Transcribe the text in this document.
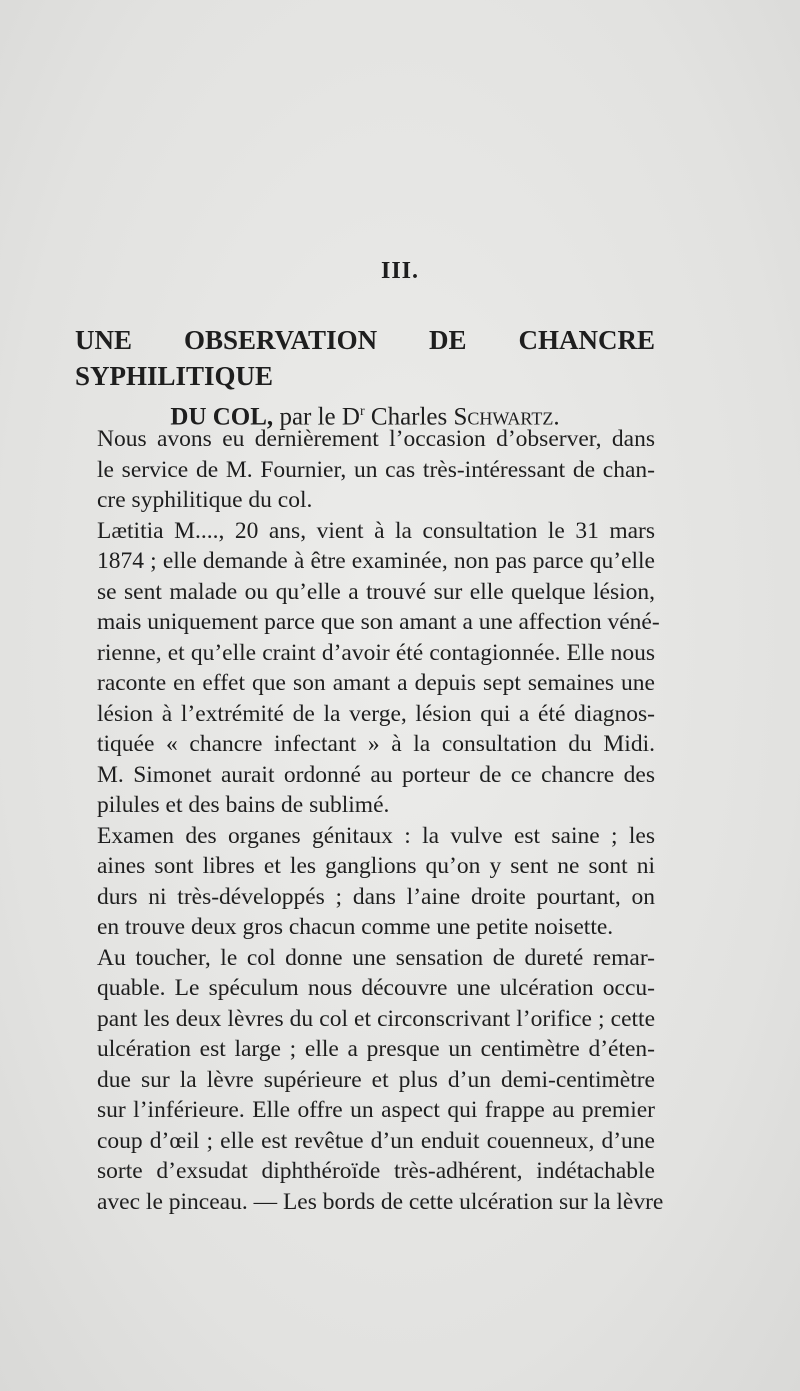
III.
UNE OBSERVATION DE CHANCRE SYPHILITIQUE
DU COL, par le $D^r$ Charles Schwartz.

Nous avons eu dernièrement l’occasion d’observer, dans
le service de M. Fournier, un cas très-intéressant de chan-
cre syphilitique du col.

Lætitia M...., 20 ans, vient à la consultation le 31 mars
1874 ; elle demande à être examinée, non pas parce qu’elle
se sent malade ou qu’elle a trouvé sur elle quelque lésion,
mais uniquement parce que son amant a une affection véné-
rienne, et qu’elle craint d’avoir été contagionnée. Elle nous
raconte en effet que son amant a depuis sept semaines une
lésion à l’extrémité de la verge, lésion qui a été diagnos-
tiquée « chancre infectant » à la consultation du Midi.
M. Simonet aurait ordonné au porteur de ce chancre des
pilules et des bains de sublimé.

Examen des organes génitaux : la vulve est saine ; les
aines sont libres et les ganglions qu’on y sent ne sont ni
durs ni très-développés ; dans l’aine droite pourtant, on
en trouve deux gros chacun comme une petite noisette.

Au toucher, le col donne une sensation de dureté remar-
quable. Le spéculum nous découvre une ulcération occu-
pant les deux lèvres du col et circonscrivant l’orifice ; cette
ulcération est large ; elle a presque un centimètre d’éten-
due sur la lèvre supérieure et plus d’un demi-centimètre
sur l’inférieure. Elle offre un aspect qui frappe au premier
coup d’œil ; elle est revêtue d’un enduit couenneux, d’une
sorte d’exsudat diphthéroïde très-adhérent, indétachable
avec le pinceau. — Les bords de cette ulcération sur la lèvre
